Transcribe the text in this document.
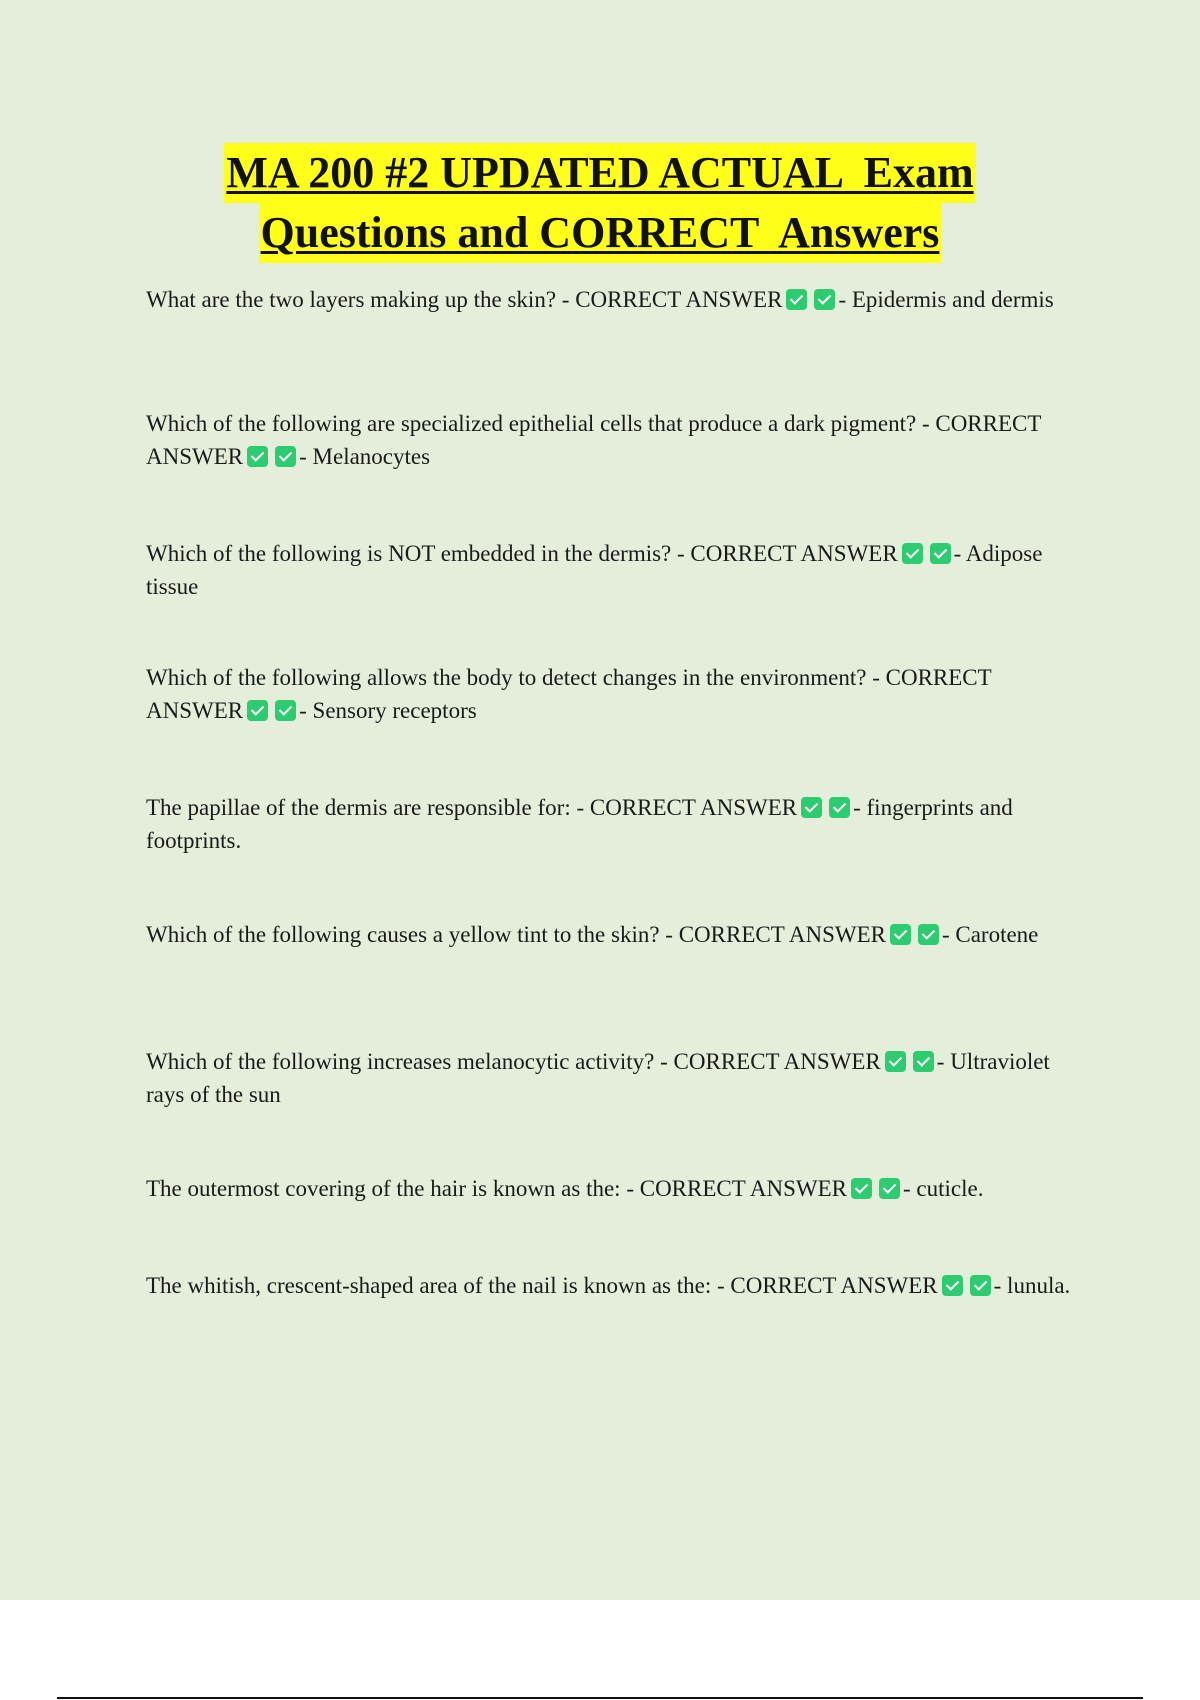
MA 200 #2 UPDATED ACTUAL  Exam
Questions and CORRECT  Answers
What are the two layers making up the skin? - CORRECT ANSWER - Epidermis and dermis
Which of the following are specialized epithelial cells that produce a dark pigment? - CORRECT ANSWER - Melanocytes
Which of the following is NOT embedded in the dermis? - CORRECT ANSWER - Adipose tissue
Which of the following allows the body to detect changes in the environment? - CORRECT ANSWER - Sensory receptors
The papillae of the dermis are responsible for: - CORRECT ANSWER - fingerprints and footprints.
Which of the following causes a yellow tint to the skin? - CORRECT ANSWER - Carotene
Which of the following increases melanocytic activity? - CORRECT ANSWER - Ultraviolet rays of the sun
The outermost covering of the hair is known as the: - CORRECT ANSWER - cuticle.
The whitish, crescent-shaped area of the nail is known as the: - CORRECT ANSWER - lunula.
